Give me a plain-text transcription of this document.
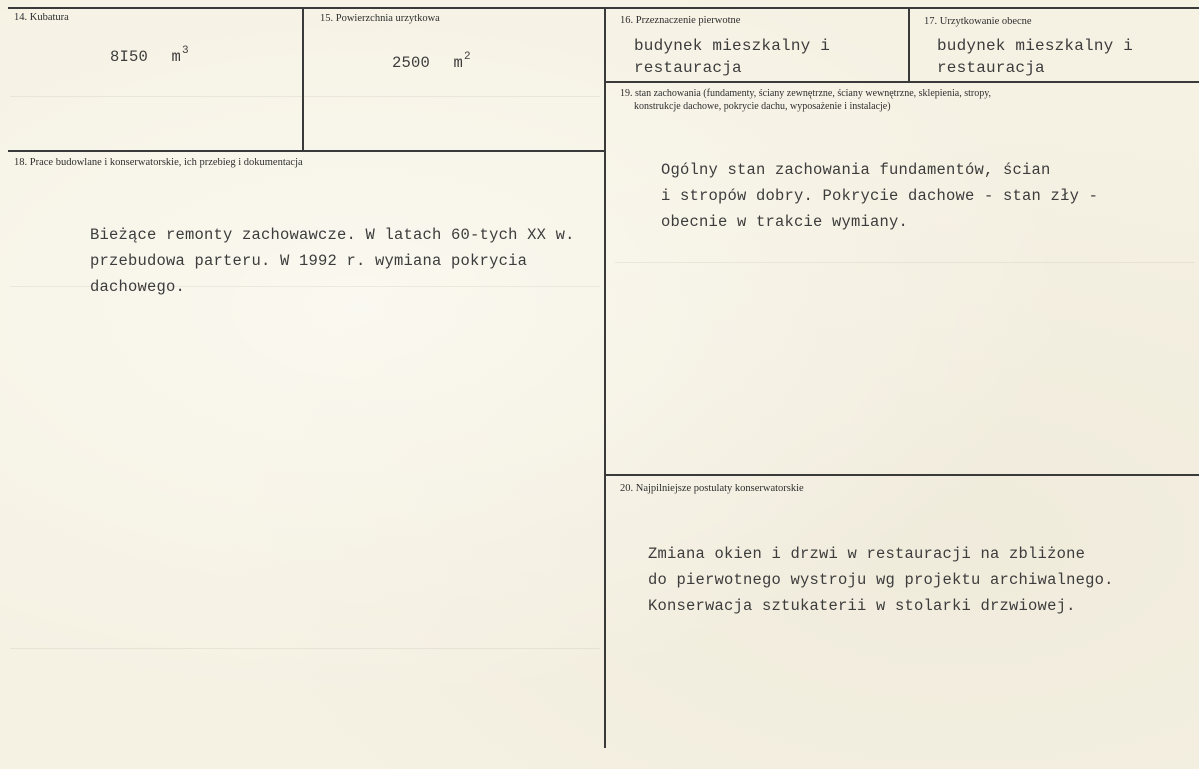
14. Kubatura
8I50 $m^3$
15. Powierzchnia urzytkowa
2500 $m^2$
16. Przeznaczenie pierwotne
budynek mieszkalny i
restauracja
17. Urzytkowanie obecne
budynek mieszkalny i
restauracja
18. Prace budowlane i konserwatorskie, ich przebieg i dokumentacja
Bieżące remonty zachowawcze. W latach 60-tych XX w.
przebudowa parteru. W 1992 r. wymiana pokrycia
dachowego.
19. stan zachowania (fundamenty, ściany zewnętrzne, ściany wewnętrzne, sklepienia, stropy,
konstrukcje dachowe, pokrycie dachu, wyposażenie i instalacje)
Ogólny stan zachowania fundamentów, ścian
i stropów dobry. Pokrycie dachowe - stan zły -
obecnie w trakcie wymiany.
20. Najpilniejsze postulaty konserwatorskie
Zmiana okien i drzwi w restauracji na zbliżone
do pierwotnego wystroju wg projektu archiwalnego.
Konserwacja sztukaterii w stolarki drzwiowej.
